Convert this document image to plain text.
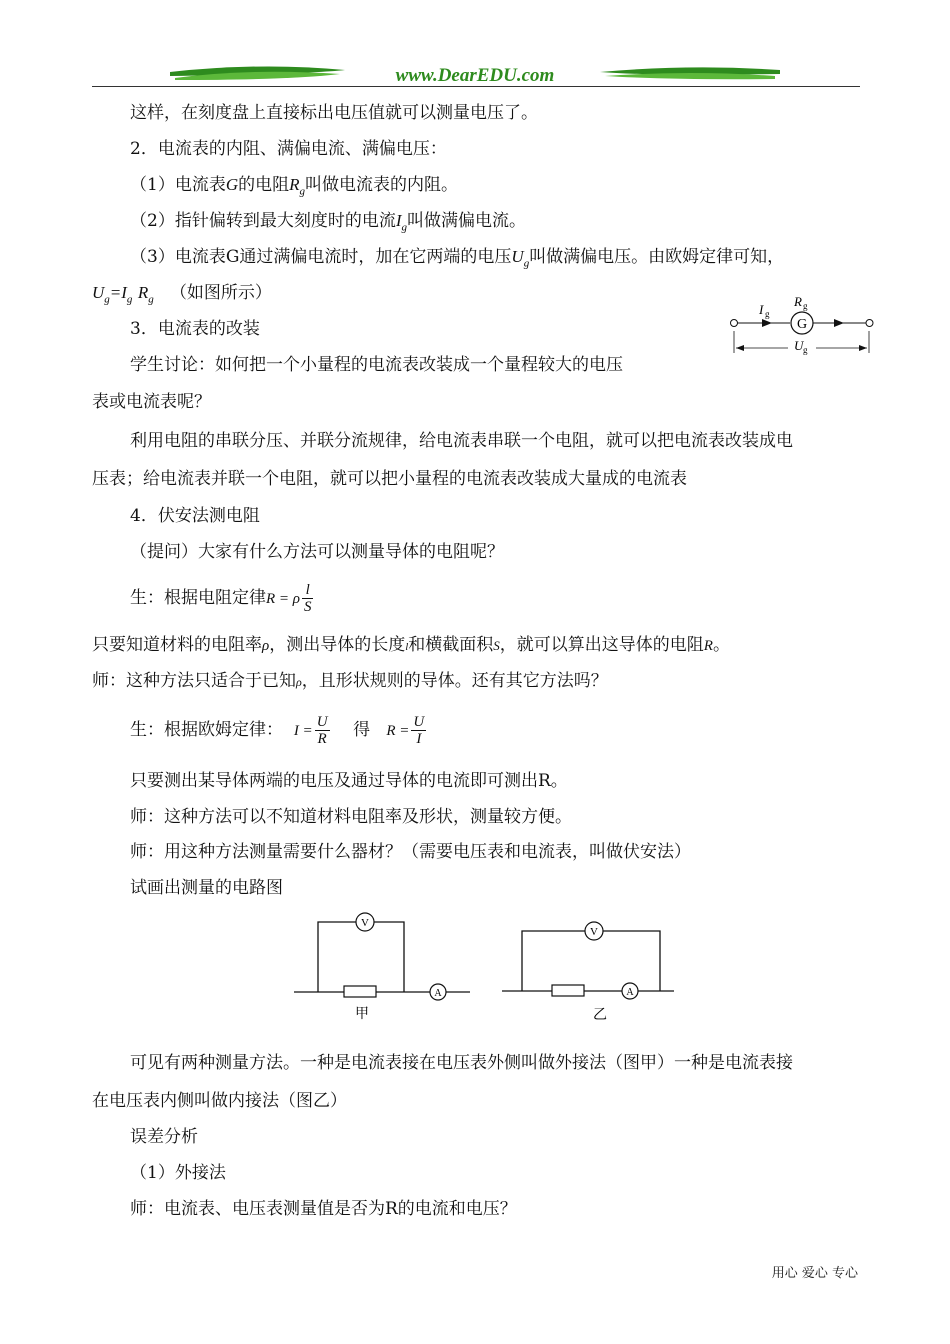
www.DearEDU.com
这样，在刻度盘上直接标出电压值就可以测量电压了。
2．电流表的内阻、满偏电流、满偏电压：
（1）电流表G的电阻$R_g$叫做电流表的内阻。
（2）指针偏转到最大刻度时的电流$I_g$叫做满偏电流。
（3）电流表G通过满偏电流时，加在它两端的电压$U_g$叫做满偏电压。由欧姆定律可知，
$U_g=I_g$ $R_g$ （如图所示）
3．电流表的改装	G
I g
R g
U g
学生讨论：如何把一个小量程的电流表改装成一个量程较大的电压
表或电流表呢？
利用电阻的串联分压、并联分流规律，给电流表串联一个电阻，就可以把电流表改装成电
压表；给电流表并联一个电阻，就可以把小量程的电流表改装成大量成的电流表
4．伏安法测电阻
（提问）大家有什么方法可以测量导体的电阻呢？
生：根据电阻定律R = ρ $\frac{l}{S}$
只要知道材料的电阻率ρ，测出导体的长度l和横截面积S，就可以算出这导体的电阻R。
师：这种方法只适合于已知ρ，且形状规则的导体。还有其它方法吗？
生：根据欧姆定律： $I = \frac{U}{R}$ 得 $R = \frac{U}{I}$
只要测出某导体两端的电压及通过导体的电流即可测出R。
师：这种方法可以不知道材料电阻率及形状，测量较方便。
师：用这种方法测量需要什么器材？（需要电压表和电流表，叫做伏安法）
试画出测量的电路图
V
A
甲
V
A
乙
可见有两种测量方法。一种是电流表接在电压表外侧叫做外接法（图甲）一种是电流表接
在电压表内侧叫做内接法（图乙）
误差分析
（1）外接法
师：电流表、电压表测量值是否为R的电流和电压？
用心 爱心 专心
